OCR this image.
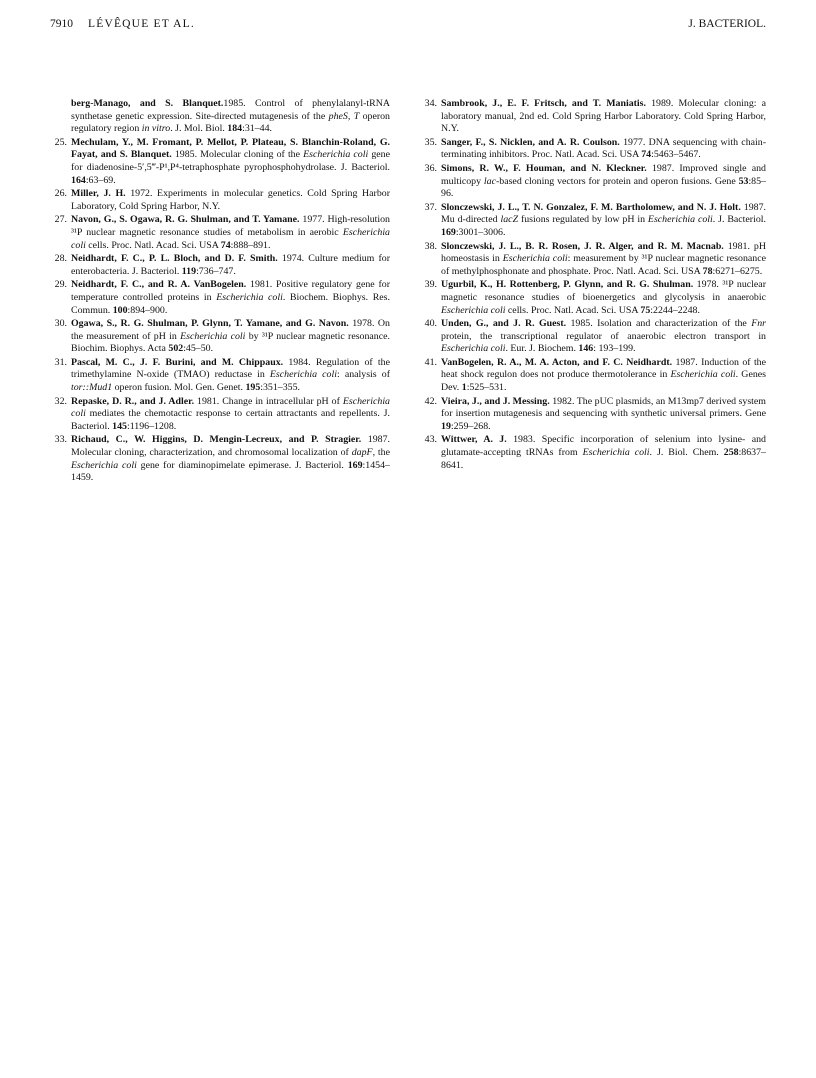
7910 LÉVÊQUE ET AL.	J. BACTERIOL.
berg-Manago, and S. Blanquet.1985. Control of phenylalanyl-tRNA synthetase genetic expression. Site-directed mutagenesis of the pheS, T operon regulatory region in vitro. J. Mol. Biol. 184:31–44.
25. Mechulam, Y., M. Fromant, P. Mellot, P. Plateau, S. Blanchin-Roland, G. Fayat, and S. Blanquet. 1985. Molecular cloning of the Escherichia coli gene for diadenosine-5′,5‴-P¹,P⁴-tetraphosphate pyrophosphohydrolase. J. Bacteriol. 164:63–69.
26. Miller, J. H. 1972. Experiments in molecular genetics. Cold Spring Harbor Laboratory, Cold Spring Harbor, N.Y.
27. Navon, G., S. Ogawa, R. G. Shulman, and T. Yamane. 1977. High-resolution ³¹P nuclear magnetic resonance studies of metabolism in aerobic Escherichia coli cells. Proc. Natl. Acad. Sci. USA 74:888–891.
28. Neidhardt, F. C., P. L. Bloch, and D. F. Smith. 1974. Culture medium for enterobacteria. J. Bacteriol. 119:736–747.
29. Neidhardt, F. C., and R. A. VanBogelen. 1981. Positive regulatory gene for temperature controlled proteins in Escherichia coli. Biochem. Biophys. Res. Commun. 100:894–900.
30. Ogawa, S., R. G. Shulman, P. Glynn, T. Yamane, and G. Navon. 1978. On the measurement of pH in Escherichia coli by ³¹P nuclear magnetic resonance. Biochim. Biophys. Acta 502:45–50.
31. Pascal, M. C., J. F. Burini, and M. Chippaux. 1984. Regulation of the trimethylamine N-oxide (TMAO) reductase in Escherichia coli: analysis of tor::Mud1 operon fusion. Mol. Gen. Genet. 195:351–355.
32. Repaske, D. R., and J. Adler. 1981. Change in intracellular pH of Escherichia coli mediates the chemotactic response to certain attractants and repellents. J. Bacteriol. 145:1196–1208.
33. Richaud, C., W. Higgins, D. Mengin-Lecreux, and P. Stragier. 1987. Molecular cloning, characterization, and chromosomal localization of dapF, the Escherichia coli gene for diaminopimelate epimerase. J. Bacteriol. 169:1454–1459.
34. Sambrook, J., E. F. Fritsch, and T. Maniatis. 1989. Molecular cloning: a laboratory manual, 2nd ed. Cold Spring Harbor Laboratory. Cold Spring Harbor, N.Y.
35. Sanger, F., S. Nicklen, and A. R. Coulson. 1977. DNA sequencing with chain-terminating inhibitors. Proc. Natl. Acad. Sci. USA 74:5463–5467.
36. Simons, R. W., F. Houman, and N. Kleckner. 1987. Improved single and multicopy lac-based cloning vectors for protein and operon fusions. Gene 53:85–96.
37. Slonczewski, J. L., T. N. Gonzalez, F. M. Bartholomew, and N. J. Holt. 1987. Mu d-directed lacZ fusions regulated by low pH in Escherichia coli. J. Bacteriol. 169:3001–3006.
38. Slonczewski, J. L., B. R. Rosen, J. R. Alger, and R. M. Macnab. 1981. pH homeostasis in Escherichia coli: measurement by ³¹P nuclear magnetic resonance of methylphosphonate and phosphate. Proc. Natl. Acad. Sci. USA 78:6271–6275.
39. Ugurbil, K., H. Rottenberg, P. Glynn, and R. G. Shulman. 1978. ³¹P nuclear magnetic resonance studies of bioenergetics and glycolysis in anaerobic Escherichia coli cells. Proc. Natl. Acad. Sci. USA 75:2244–2248.
40. Unden, G., and J. R. Guest. 1985. Isolation and characterization of the Fnr protein, the transcriptional regulator of anaerobic electron transport in Escherichia coli. Eur. J. Biochem. 146: 193–199.
41. VanBogelen, R. A., M. A. Acton, and F. C. Neidhardt. 1987. Induction of the heat shock regulon does not produce thermotolerance in Escherichia coli. Genes Dev. 1:525–531.
42. Vieira, J., and J. Messing. 1982. The pUC plasmids, an M13mp7 derived system for insertion mutagenesis and sequencing with synthetic universal primers. Gene 19:259–268.
43. Wittwer, A. J. 1983. Specific incorporation of selenium into lysine- and glutamate-accepting tRNAs from Escherichia coli. J. Biol. Chem. 258:8637–8641.
